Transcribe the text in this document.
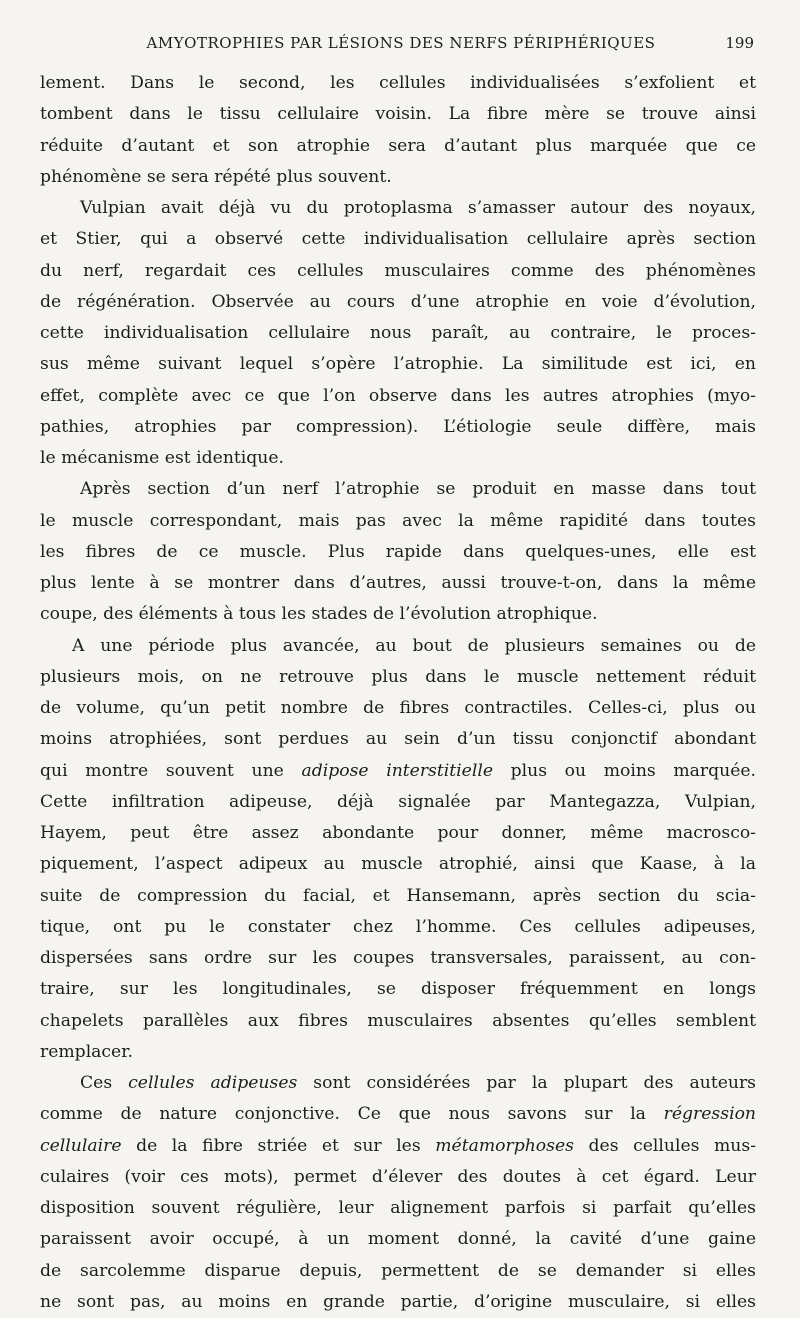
AMYOTROPHIES PAR LÉSIONS DES NERFS PÉRIPHÉRIQUES	199
lement. Dans le second, les cellules individualisées s’exfolient et
tombent dans le tissu cellulaire voisin. La fibre mère se trouve ainsi
réduite d’autant et son atrophie sera d’autant plus marquée que ce
phénomène se sera répété plus souvent.
Vulpian avait déjà vu du protoplasma s’amasser autour des noyaux,
et Stier, qui a observé cette individualisation cellulaire après section
du nerf, regardait ces cellules musculaires comme des phénomènes
de régénération. Observée au cours d’une atrophie en voie d’évolution,
cette individualisation cellulaire nous paraît, au contraire, le proces-
sus même suivant lequel s’opère l’atrophie. La similitude est ici, en
effet, complète avec ce que l’on observe dans les autres atrophies (myo-
pathies, atrophies par compression). L’étiologie seule diffère, mais
le mécanisme est identique.
Après section d’un nerf l’atrophie se produit en masse dans tout
le muscle correspondant, mais pas avec la même rapidité dans toutes
les fibres de ce muscle. Plus rapide dans quelques-unes, elle est
plus lente à se montrer dans d’autres, aussi trouve-t-on, dans la même
coupe, des éléments à tous les stades de l’évolution atrophique.
A une période plus avancée, au bout de plusieurs semaines ou de
plusieurs mois, on ne retrouve plus dans le muscle nettement réduit
de volume, qu’un petit nombre de fibres contractiles. Celles-ci, plus ou
moins atrophiées, sont perdues au sein d’un tissu conjonctif abondant
qui montre souvent une adipose interstitielle plus ou moins marquée.
Cette infiltration adipeuse, déjà signalée par Mantegazza, Vulpian,
Hayem, peut être assez abondante pour donner, même macrosco-
piquement, l’aspect adipeux au muscle atrophié, ainsi que Kaase, à la
suite de compression du facial, et Hansemann, après section du scia-
tique, ont pu le constater chez l’homme. Ces cellules adipeuses,
dispersées sans ordre sur les coupes transversales, paraissent, au con-
traire, sur les longitudinales, se disposer fréquemment en longs
chapelets parallèles aux fibres musculaires absentes qu’elles semblent
remplacer.
Ces cellules adipeuses sont considérées par la plupart des auteurs
comme de nature conjonctive. Ce que nous savons sur la régression
cellulaire de la fibre striée et sur les métamorphoses des cellules mus-
culaires (voir ces mots), permet d’élever des doutes à cet égard. Leur
disposition souvent régulière, leur alignement parfois si parfait qu’elles
paraissent avoir occupé, à un moment donné, la cavité d’une gaine
de sarcolemme disparue depuis, permettent de se demander si elles
ne sont pas, au moins en grande partie, d’origine musculaire, si elles
